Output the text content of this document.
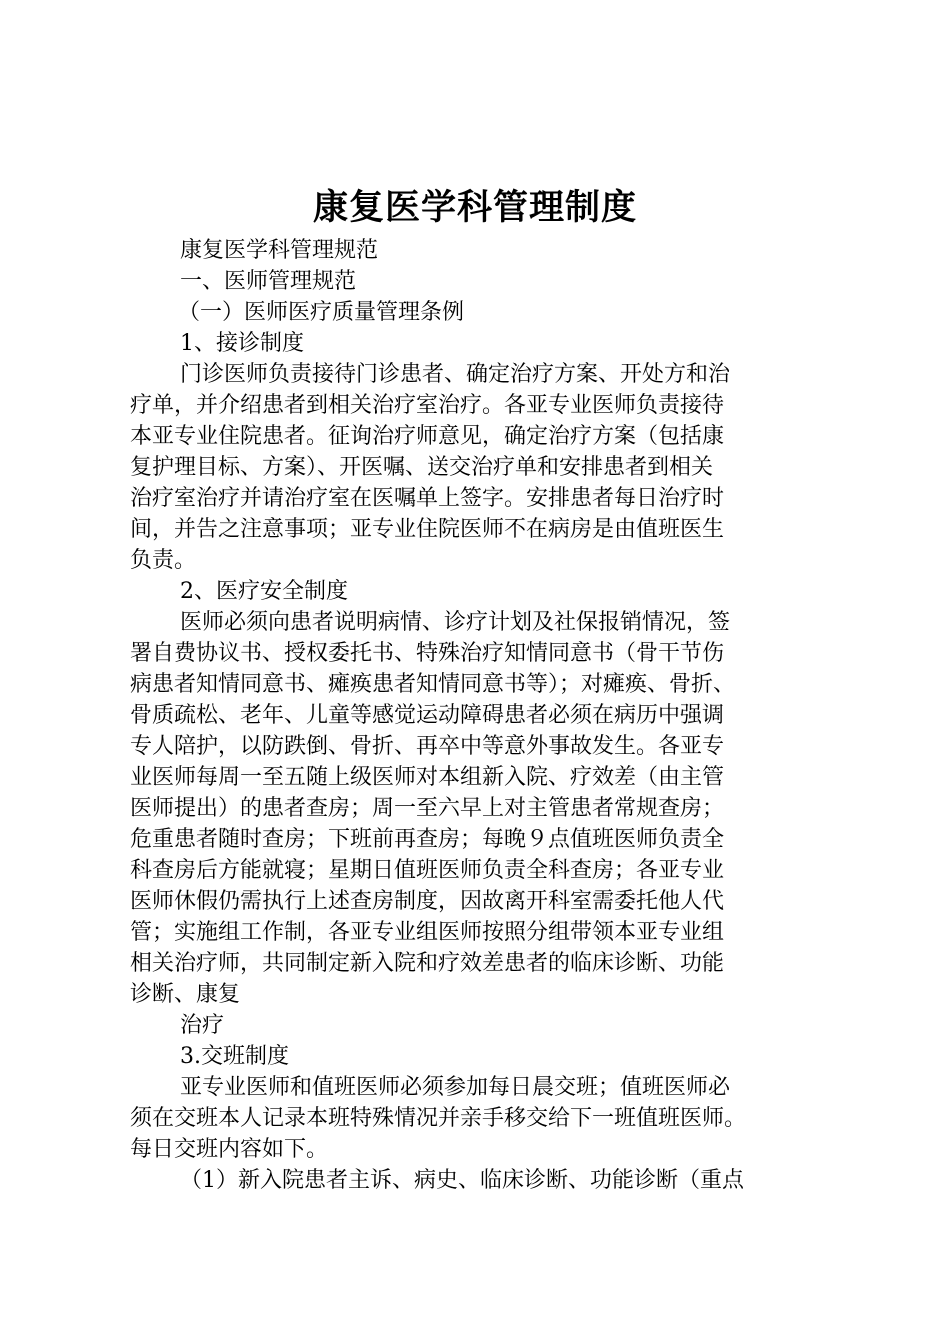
康复医学科管理制度
康复医学科管理规范
一、医师管理规范
（一）医师医疗质量管理条例
1、接诊制度
门诊医师负责接待门诊患者、确定治疗方案、开处方和治
疗单，并介绍患者到相关治疗室治疗。各亚专业医师负责接待
本亚专业住院患者。征询治疗师意见，确定治疗方案（包括康
复护理目标、方案）、开医嘱、送交治疗单和安排患者到相关
治疗室治疗并请治疗室在医嘱单上签字。安排患者每日治疗时
间，并告之注意事项；亚专业住院医师不在病房是由值班医生
负责。
2、医疗安全制度
医师必须向患者说明病情、诊疗计划及社保报销情况，签
署自费协议书、授权委托书、特殊治疗知情同意书（骨干节伤
病患者知情同意书、瘫痪患者知情同意书等）；对瘫痪、骨折、
骨质疏松、老年、儿童等感觉运动障碍患者必须在病历中强调
专人陪护，以防跌倒、骨折、再卒中等意外事故发生。各亚专
业医师每周一至五随上级医师对本组新入院、疗效差（由主管
医师提出）的患者查房；周一至六早上对主管患者常规查房；
危重患者随时查房；下班前再查房；每晚９点值班医师负责全
科查房后方能就寝；星期日值班医师负责全科查房；各亚专业
医师休假仍需执行上述查房制度，因故离开科室需委托他人代
管；实施组工作制，各亚专业组医师按照分组带领本亚专业组
相关治疗师，共同制定新入院和疗效差患者的临床诊断、功能
诊断、康复
治疗
3.交班制度
亚专业医师和值班医师必须参加每日晨交班；值班医师必
须在交班本人记录本班特殊情况并亲手移交给下一班值班医师。
每日交班内容如下。
（1）新入院患者主诉、病史、临床诊断、功能诊断（重点
